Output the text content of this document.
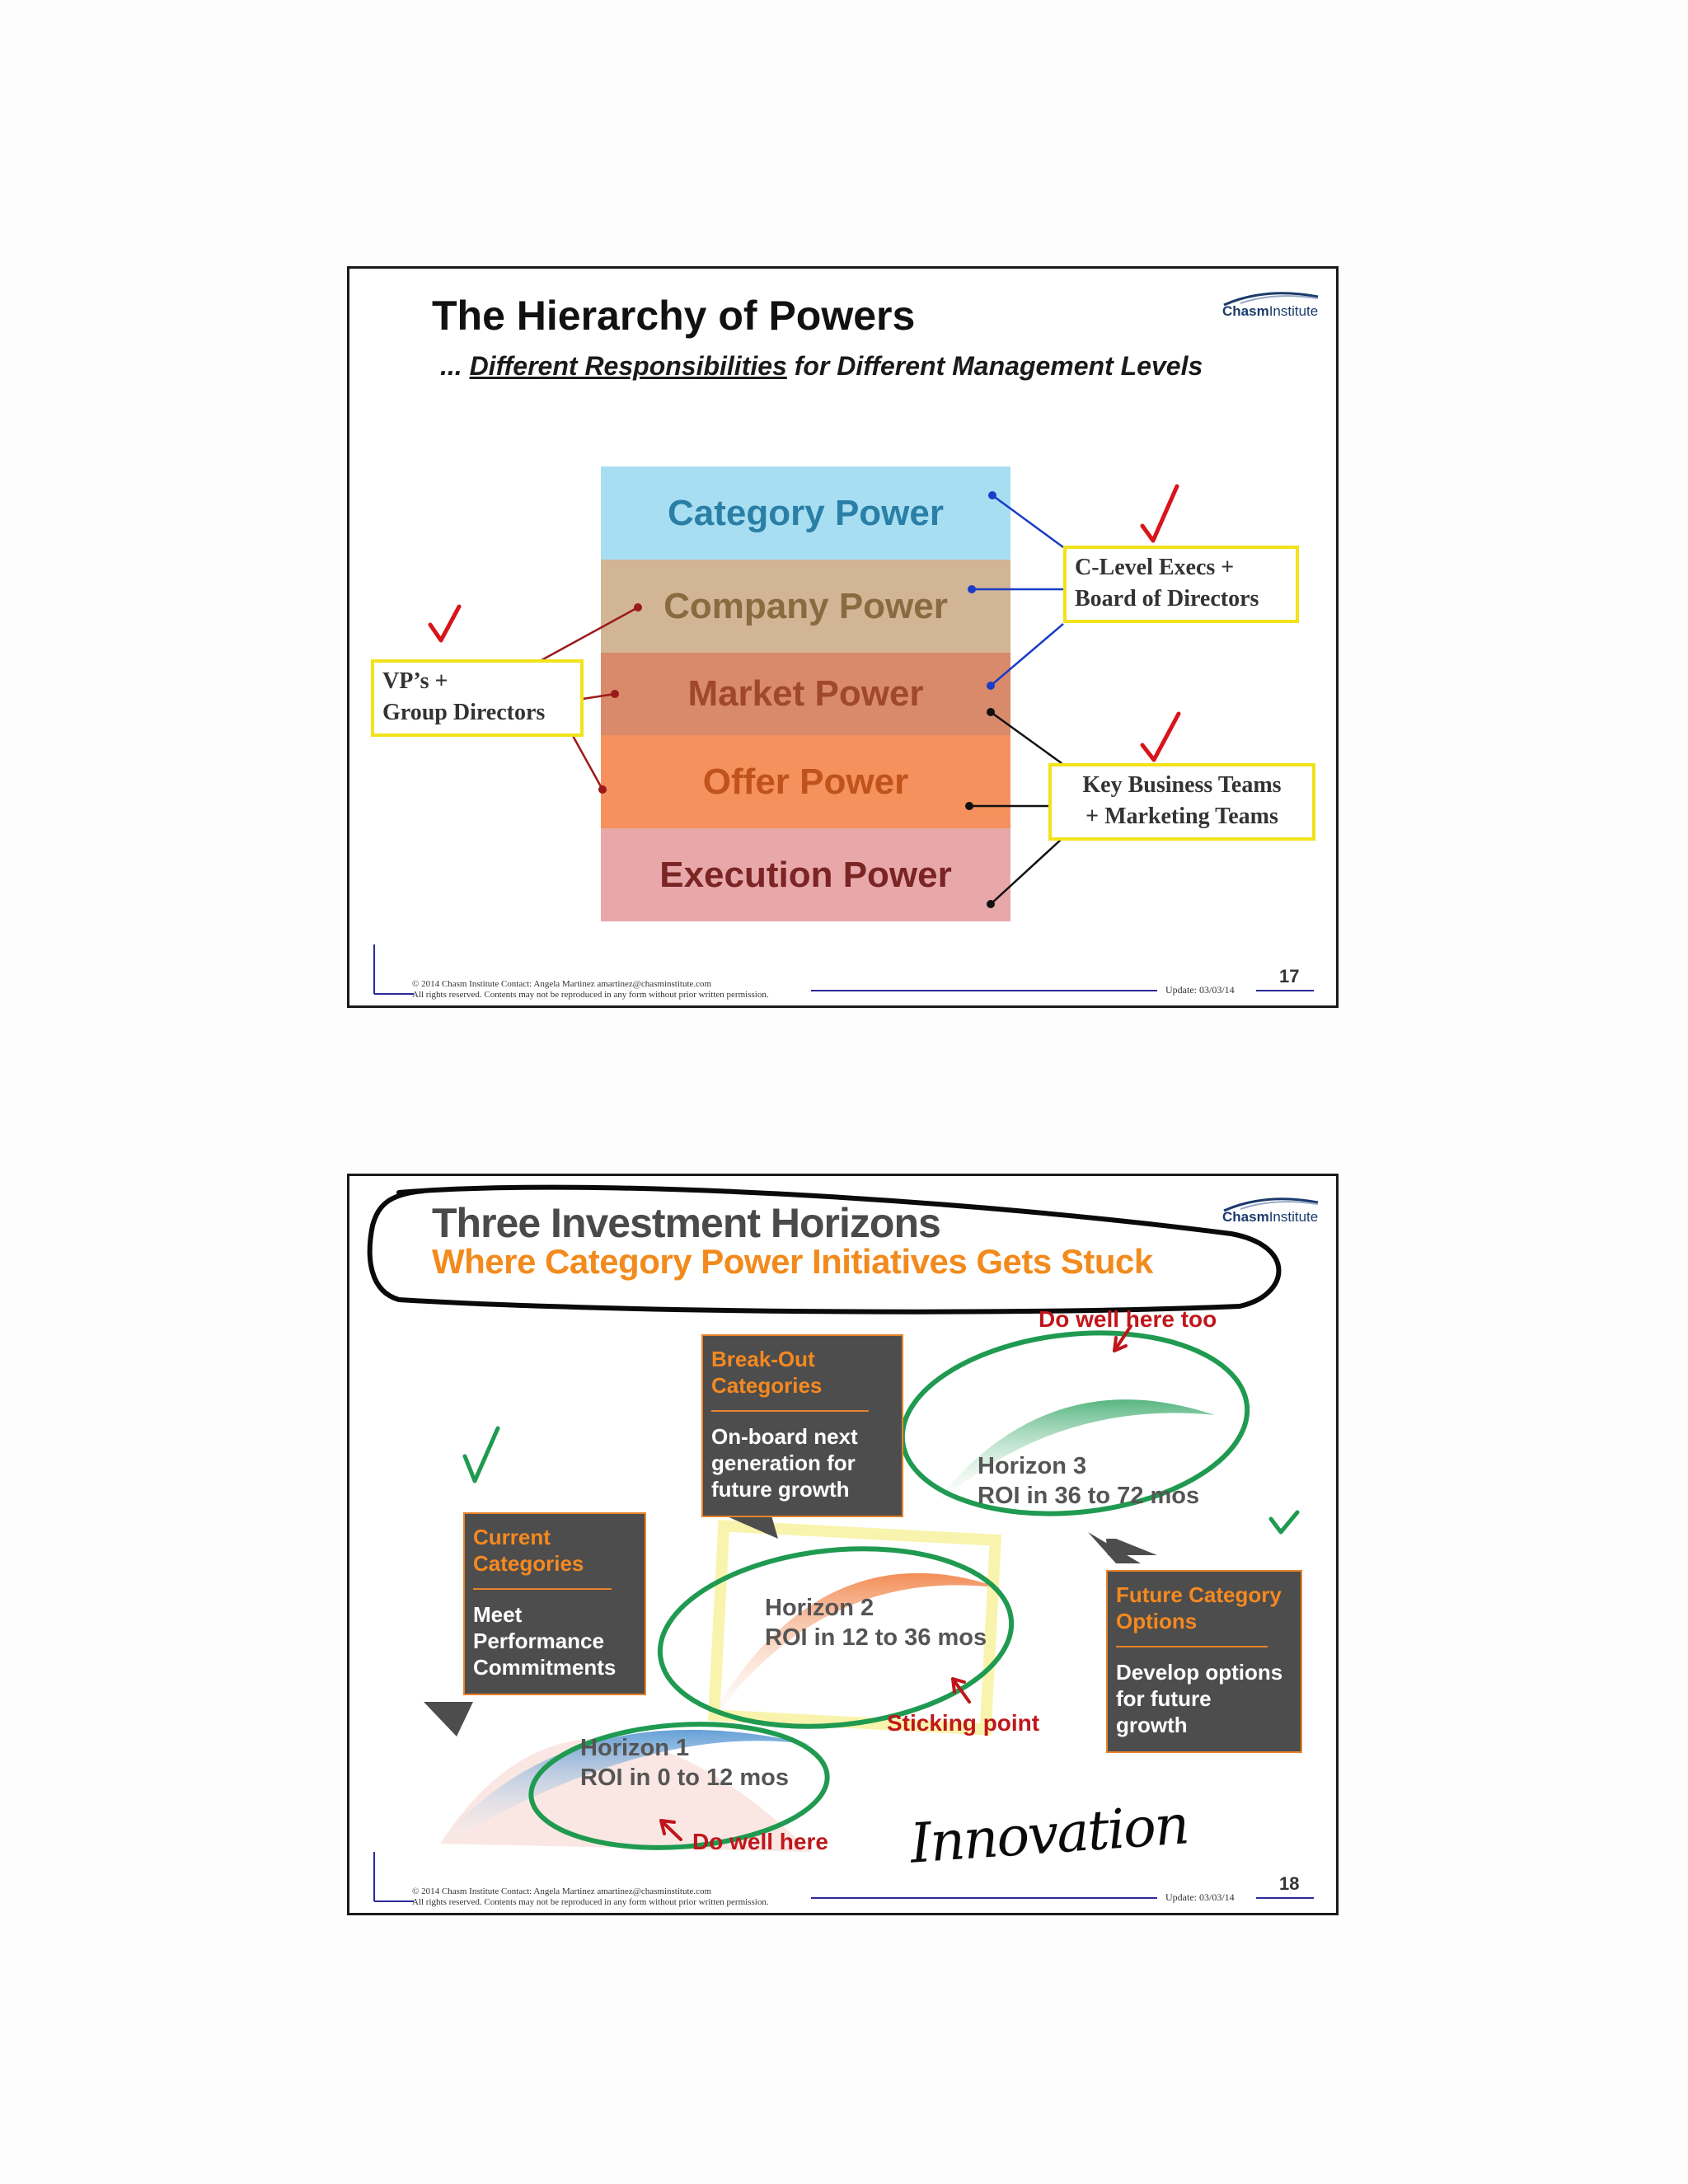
The Hierarchy of Powers
... Different Responsibilities for Different Management Levels
ChasmInstitute
Category Power
Company Power
Market Power
Offer Power
Execution Power
VP’s +
Group Directors
C-Level Execs +
Board of Directors
Key Business Teams
+ Marketing Teams
© 2014 Chasm Institute Contact: Angela Martinez amartinez@chasminstitute.com
All rights reserved. Contents may not be reproduced in any form without prior written permission.	Update: 03/03/14
17
Three Investment Horizons
Where Category Power Initiatives Gets Stuck
ChasmInstitute
Current
Categories
Meet
Performance
Commitments
Break-Out
Categories
On-board next
generation for
future growth
Future Category
Options
Develop options
for future
growth
Horizon 1
ROI in 0 to 12 mos
Horizon 2
ROI in 12 to 36 mos
Horizon 3
ROI in 36 to 72 mos
Do well here too
Sticking point
Do well here Innovation
© 2014 Chasm Institute Contact: Angela Martinez amartinez@chasminstitute.com
All rights reserved. Contents may not be reproduced in any form without prior written permission.	Update: 03/03/14
18
